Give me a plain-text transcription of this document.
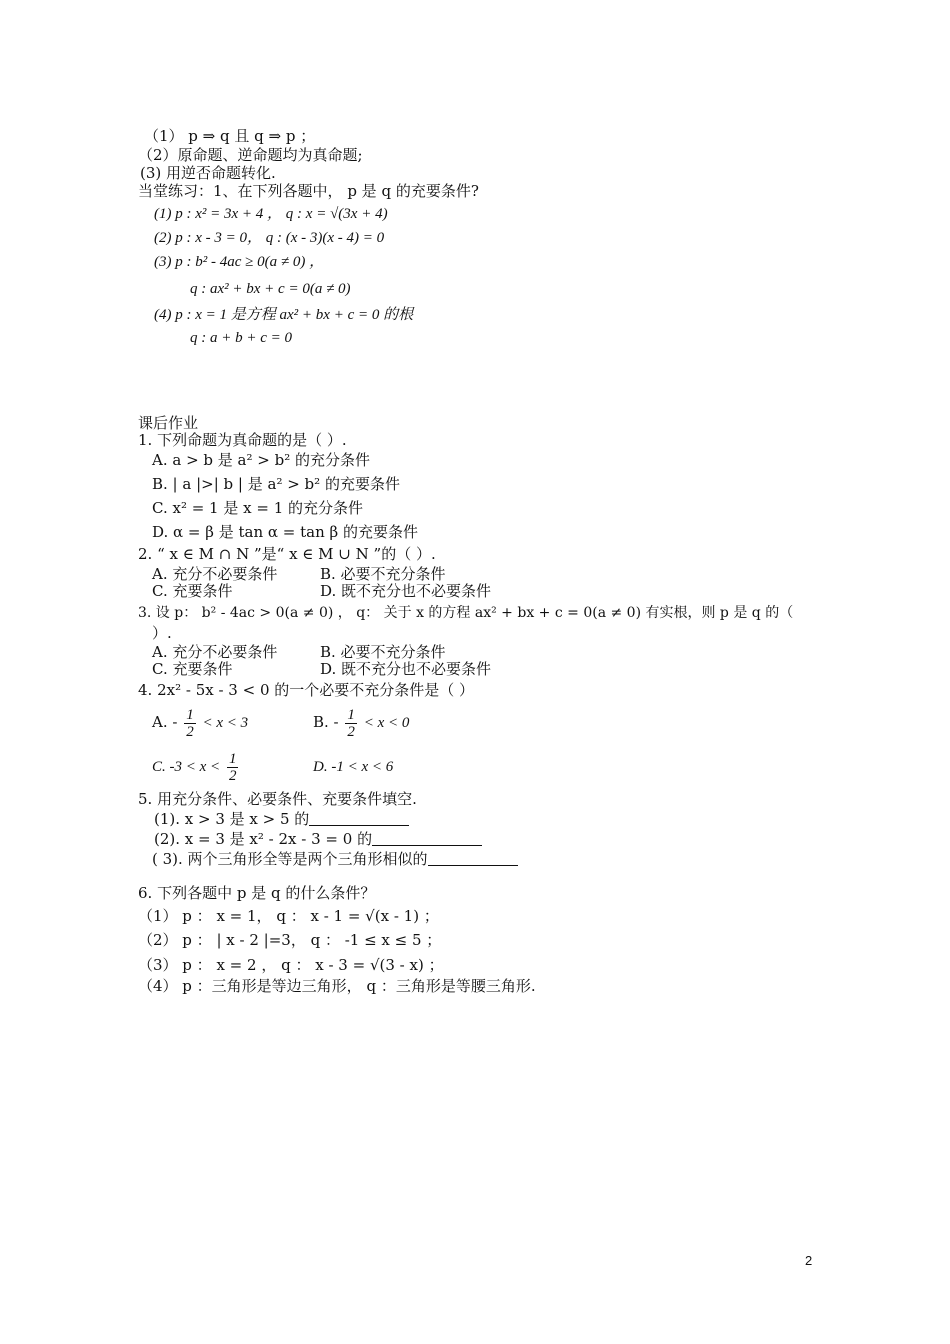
（1） p ⇒ q 且 q ⇒ p ；
（2）原命题、逆命题均为真命题;
(3) 用逆否命题转化.
当堂练习：1、在下列各题中， p 是 q 的充要条件?
(1) p : x² = 3x + 4 ， q : x = √(3x + 4)
(2) p : x - 3 = 0， q : (x - 3)(x - 4) = 0
(3) p : b² - 4ac ≥ 0(a ≠ 0) ，
q : ax² + bx + c = 0(a ≠ 0)
(4) p : x = 1 是方程 ax² + bx + c = 0 的根
q : a + b + c = 0
课后作业
1. 下列命题为真命题的是（ ）.
A. a > b 是 a² > b² 的充分条件
B. | a |>| b | 是 a² > b² 的充要条件
C. x² = 1 是 x = 1 的充分条件
D. α = β 是 tan α = tan β 的充要条件
2. “ x ∈ M ∩ N ”是“ x ∈ M ∪ N ”的（ ）.
A. 充分不必要条件	B. 必要不充分条件
C. 充要条件	D. 既不充分也不必要条件
3. 设 p： b² - 4ac > 0(a ≠ 0) ， q： 关于 x 的方程 ax² + bx + c = 0(a ≠ 0) 有实根，则 p 是 q 的（
）.
A. 充分不必要条件	B. 必要不充分条件
C. 充要条件	D. 既不充分也不必要条件
4. 2x² - 5x - 3 < 0 的一个必要不充分条件是（ ）
A. - $\frac{1}{2} < x < 3$	B. - $\frac{1}{2} < x < 0$
C. $-3 < x < \frac{1}{2}$	D. -1 < x < 6
5. 用充分条件、必要条件、充要条件填空.
(1). x > 3 是 x > 5 的
(2). x = 3 是 x² - 2x - 3 = 0 的
( 3). 两个三角形全等是两个三角形相似的
6. 下列各题中 p 是 q 的什么条件？
（1） p ： x = 1， q ： x - 1 = √(x - 1) ；
（2） p ： | x - 2 |=3， q ： -1 ≤ x ≤ 5 ；
（3） p ： x = 2 ， q ： x - 3 = √(3 - x) ；
（4） p ：三角形是等边三角形， q ：三角形是等腰三角形.
2
